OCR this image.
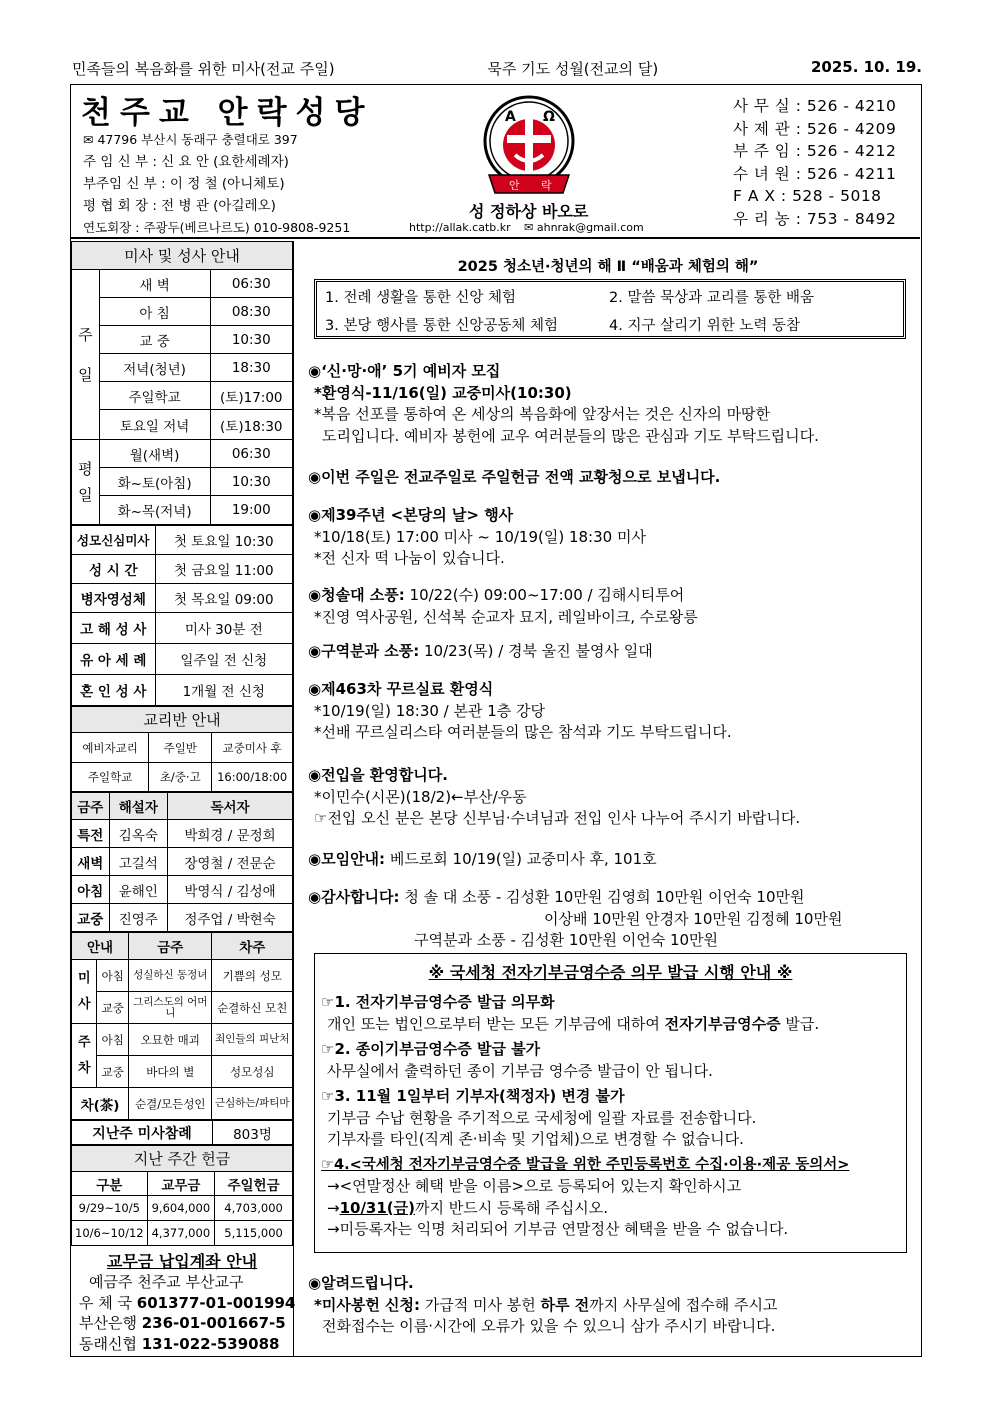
민족들의 복음화를 위한 미사(전교 주일)	묵주 기도 성월(전교의 달)	2025. 10. 19.
천주교 안락성당
✉ 47796 부산시 동래구 충렬대로 397
주 임 신 부 : 신 요 안 (요한세례자)
부주임 신 부 : 이 정 철 (아니체토)
평 협 회 장 : 전 병 관 (아길레오)
연도회장 : 주광두(베르나르도) 010-9808-9251
A Ω
안 락
성 정하상 바오로
http://allak.catb.kr ✉ ahnrak@gmail.com
사 무 실 : 526 - 4210
사 제 관 : 526 - 4209
부 주 임 : 526 - 4212
수 녀 원 : 526 - 4211
F A X : 528 - 5018
우 리 농 : 753 - 8492
미사 및 성사 안내		
주
일	새 벽	06:30
	아 침	08:30
	교 중	10:30
	저녁(청년)	18:30
	주일학교	(토)17:00
	토요일 저녁	(토)18:30
평
일	월(새벽)	06:30
	화~토(아침)	10:30
	화~목(저녁)	19:00
성모신심미사	첫 토요일 10:30
성 시 간	첫 금요일 11:00
병자영성체	첫 목요일 09:00
고 해 성 사	미사 30분 전
유 아 세 례	일주일 전 신청
혼 인 성 사	1개월 전 신청
교리반 안내		
예비자교리	주일반	교중미사 후
주일학교	초/중·고	16:00/18:00
금주	해설자	독서자
특전	김옥숙	박희경 / 문정희
새벽	고길석	장영철 / 전문순
아침	윤해인	박영식 / 김성애
교중	진영주	정주업 / 박현숙
안내		금주	차주
미
사	아침	성실하신 동정녀	기쁨의 성모
	교중	그리스도의 어머니	순결하신 모친
주
차	아침	오묘한 매괴	죄인들의 피난처
	교중	바다의 별	성모성심
차(茶)		순결/모든성인	근심하는/파티마
지난주 미사참례	803명
지난 주간 헌금		
구분	교무금	주일헌금
9/29~10/5	9,604,000	4,703,000
10/6~10/12	4,377,000	5,115,000
교무금 납입계좌 안내
예금주 천주교 부산교구
우 체 국 601377-01-001994
부산은행 236-01-001667-5
동래신협 131-022-539088
2025 청소년·청년의 해 Ⅱ “배움과 체험의 해”
1. 전례 생활을 통한 신앙 체험	2. 말씀 묵상과 교리를 통한 배움
3. 본당 행사를 통한 신앙공동체 체험	4. 지구 살리기 위한 노력 동참
◉‘신·망·애’ 5기 예비자 모집
*환영식-11/16(일) 교중미사(10:30)
*복음 선포를 통하여 온 세상의 복음화에 앞장서는 것은 신자의 마땅한
도리입니다. 예비자 봉헌에 교우 여러분들의 많은 관심과 기도 부탁드립니다.
◉이번 주일은 전교주일로 주일헌금 전액 교황청으로 보냅니다.
◉제39주년 <본당의 날> 행사
*10/18(토) 17:00 미사 ~ 10/19(일) 18:30 미사
*전 신자 떡 나눔이 있습니다.
◉청솔대 소풍: 10/22(수) 09:00~17:00 / 김해시티투어
*진영 역사공원, 신석복 순교자 묘지, 레일바이크, 수로왕릉
◉구역분과 소풍: 10/23(목) / 경북 울진 불영사 일대
◉제463차 꾸르실료 환영식
*10/19(일) 18:30 / 본관 1층 강당
*선배 꾸르실리스타 여러분들의 많은 참석과 기도 부탁드립니다.
◉전입을 환영합니다.
*이민수(시몬)(18/2)←부산/우동
☞전입 오신 분은 본당 신부님·수녀님과 전입 인사 나누어 주시기 바랍니다.
◉모임안내: 베드로회 10/19(일) 교중미사 후, 101호
◉감사합니다: 청 솔 대 소풍 - 김성환 10만원 김영희 10만원 이언숙 10만원
이상배 10만원 안경자 10만원 김정혜 10만원
구역분과 소풍 - 김성환 10만원 이언숙 10만원
※ 국세청 전자기부금영수증 의무 발급 시행 안내 ※
☞1. 전자기부금영수증 발급 의무화
개인 또는 법인으로부터 받는 모든 기부금에 대하여 전자기부금영수증 발급.
☞2. 종이기부금영수증 발급 불가
사무실에서 출력하던 종이 기부금 영수증 발급이 안 됩니다.
☞3. 11월 1일부터 기부자(책정자) 변경 불가
기부금 수납 현황을 주기적으로 국세청에 일괄 자료를 전송합니다.
기부자를 타인(직계 존·비속 및 기업체)으로 변경할 수 없습니다.
☞4.<국세청 전자기부금영수증 발급을 위한 주민등록번호 수집·이용·제공 동의서>
→<연말정산 혜택 받을 이름>으로 등록되어 있는지 확인하시고
→10/31(금)까지 반드시 등록해 주십시오.
→미등록자는 익명 처리되어 기부금 연말정산 혜택을 받을 수 없습니다.
◉알려드립니다.
*미사봉헌 신청: 가급적 미사 봉헌 하루 전까지 사무실에 접수해 주시고
전화접수는 이름·시간에 오류가 있을 수 있으니 삼가 주시기 바랍니다.
